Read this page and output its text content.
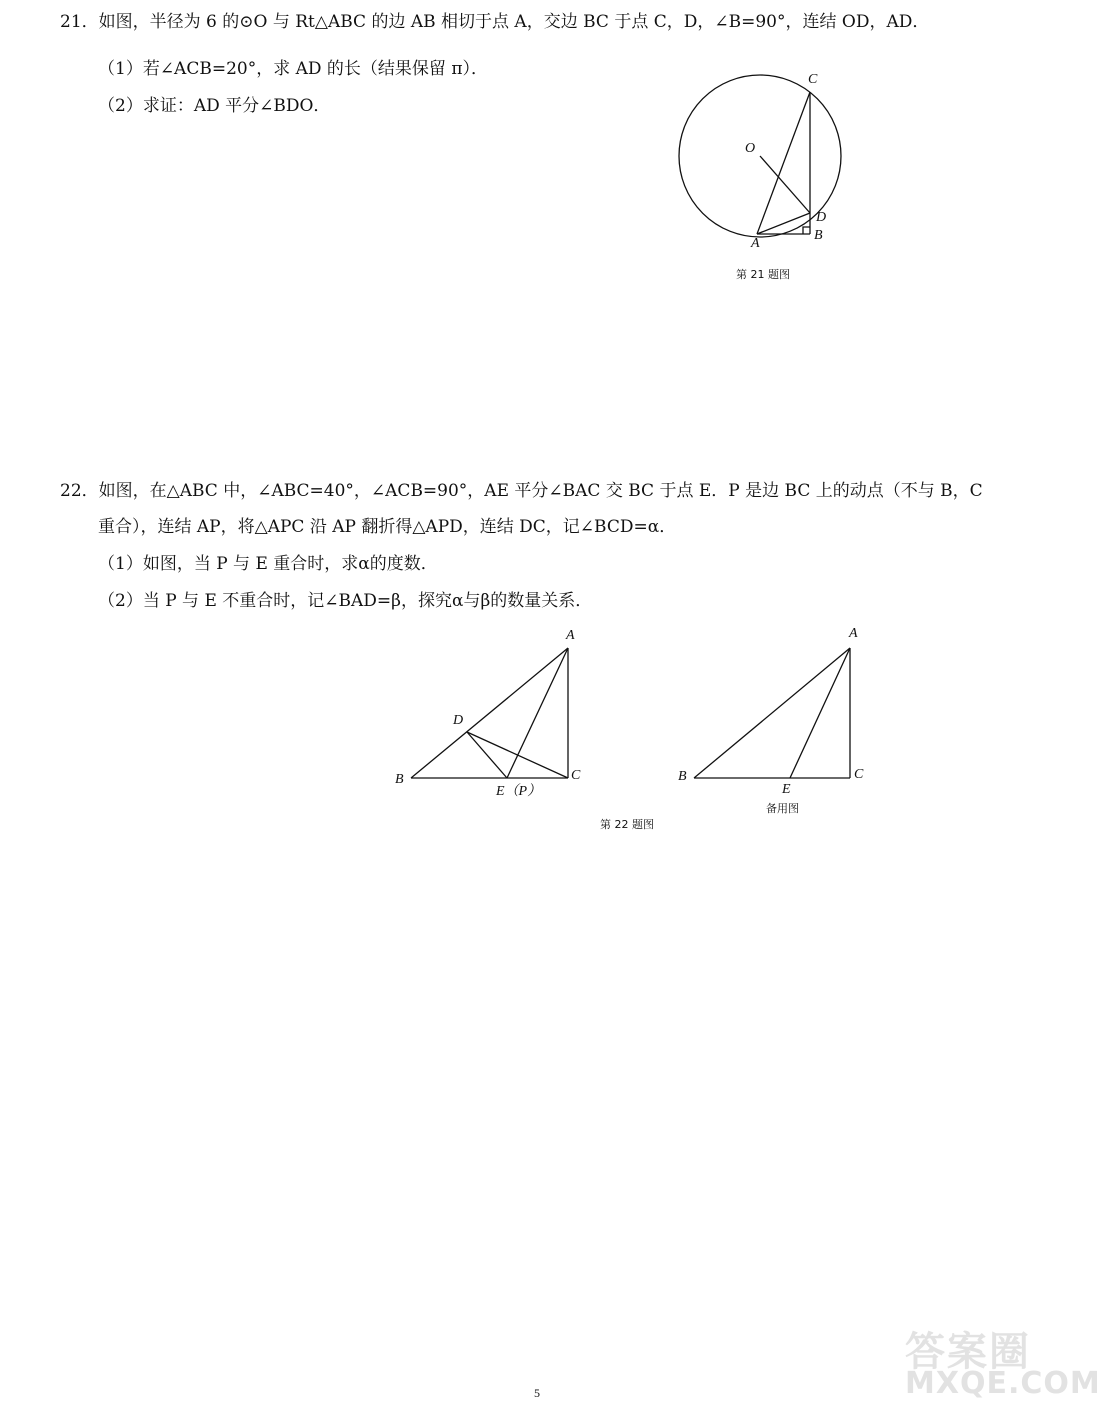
21．如图，半径为 6 的⊙O 与 Rt△ABC 的边 AB 相切于点 A，交边 BC 于点 C，D，∠B=90°，连结 OD，AD．
（1）若∠ACB=20°，求 AD 的长（结果保留 π）．
（2）求证：AD 平分∠BDO．
22．如图，在△ABC 中，∠ABC=40°，∠ACB=90°，AE 平分∠BAC 交 BC 于点 E．P 是边 BC 上的动点（不与 B，C
重合），连结 AP，将△APC 沿 AP 翻折得△APD，连结 DC，记∠BCD=α．
（1）如图，当 P 与 E 重合时，求α的度数．
（2）当 P 与 E 不重合时，记∠BAD=β，探究α与β的数量关系．
C
O
D
A
B
第 21 题图
A
D
B	C
E（P）
第 22 题图
A
B	C
E
备用图
5
答案圈
MXQE.COM
